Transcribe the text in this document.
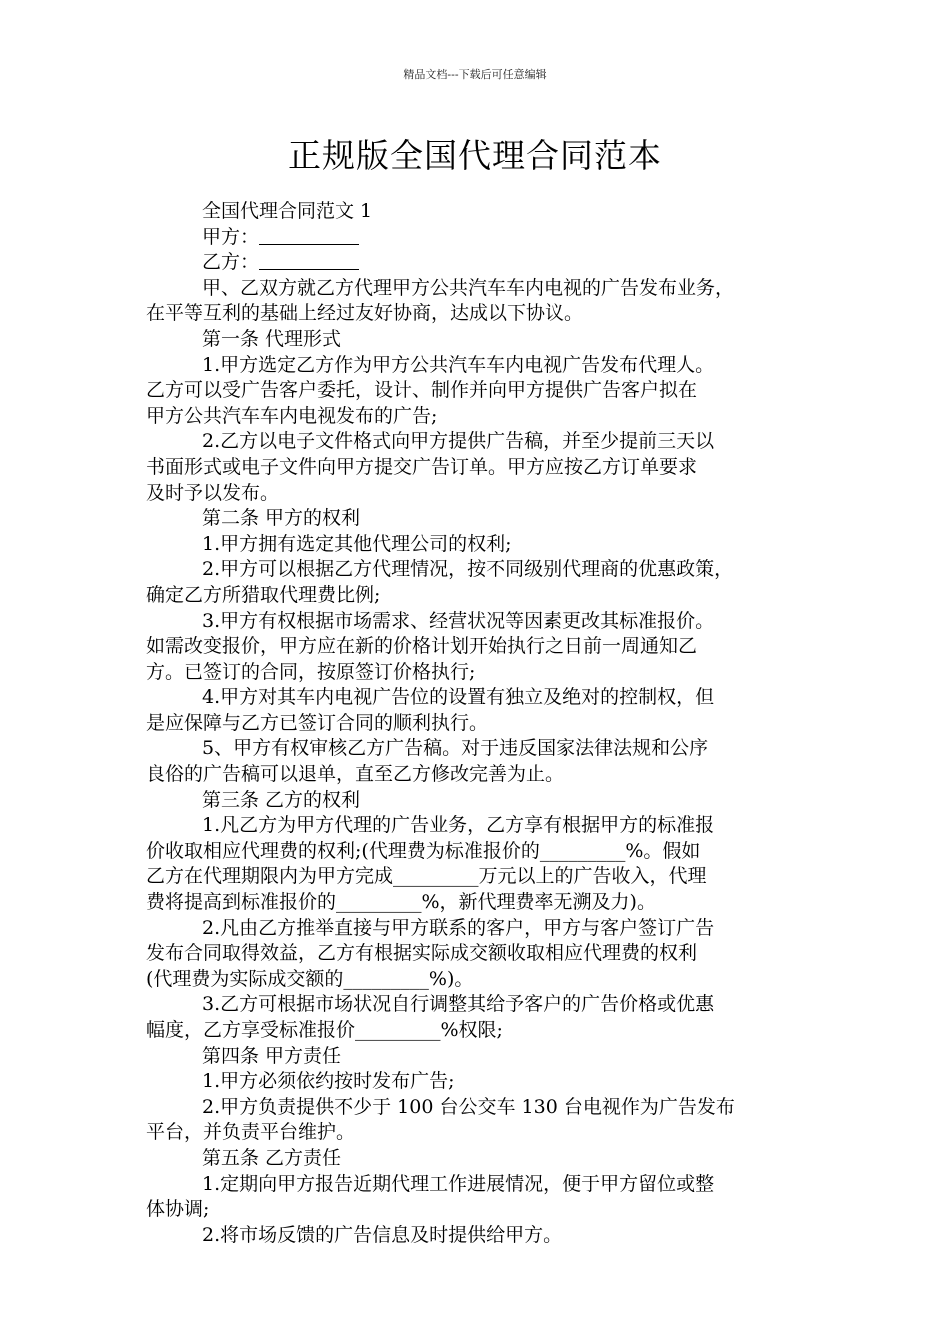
精品文档---下载后可任意编辑
正规版全国代理合同范本

全国代理合同范文 1

甲方：

乙方：

甲、乙双方就乙方代理甲方公共汽车车内电视的广告发布业务，

在平等互利的基础上经过友好协商，达成以下协议。

第一条 代理形式

1.甲方选定乙方作为甲方公共汽车车内电视广告发布代理人。

乙方可以受广告客户委托，设计、制作并向甲方提供广告客户拟在

甲方公共汽车车内电视发布的广告;

2.乙方以电子文件格式向甲方提供广告稿，并至少提前三天以

书面形式或电子文件向甲方提交广告订单。甲方应按乙方订单要求

及时予以发布。

第二条 甲方的权利

1.甲方拥有选定其他代理公司的权利;

2.甲方可以根据乙方代理情况，按不同级别代理商的优惠政策，

确定乙方所猎取代理费比例;

3.甲方有权根据市场需求、经营状况等因素更改其标准报价。

如需改变报价，甲方应在新的价格计划开始执行之日前一周通知乙

方。已签订的合同，按原签订价格执行;

4.甲方对其车内电视广告位的设置有独立及绝对的控制权，但

是应保障与乙方已签订合同的顺利执行。

5、甲方有权审核乙方广告稿。对于违反国家法律法规和公序

良俗的广告稿可以退单，直至乙方修改完善为止。

第三条 乙方的权利

1.凡乙方为甲方代理的广告业务，乙方享有根据甲方的标准报

价收取相应代理费的权利;(代理费为标准报价的_________%。假如

乙方在代理期限内为甲方完成_________万元以上的广告收入，代理

费将提高到标准报价的_________%，新代理费率无溯及力)。

2.凡由乙方推举直接与甲方联系的客户，甲方与客户签订广告

发布合同取得效益，乙方有根据实际成交额收取相应代理费的权利

(代理费为实际成交额的_________%)。

3.乙方可根据市场状况自行调整其给予客户的广告价格或优惠

幅度，乙方享受标准报价_________%权限;

第四条 甲方责任

1.甲方必须依约按时发布广告;

2.甲方负责提供不少于 100 台公交车 130 台电视作为广告发布

平台，并负责平台维护。

第五条 乙方责任

1.定期向甲方报告近期代理工作进展情况，便于甲方留位或整

体协调;

2.将市场反馈的广告信息及时提供给甲方。
